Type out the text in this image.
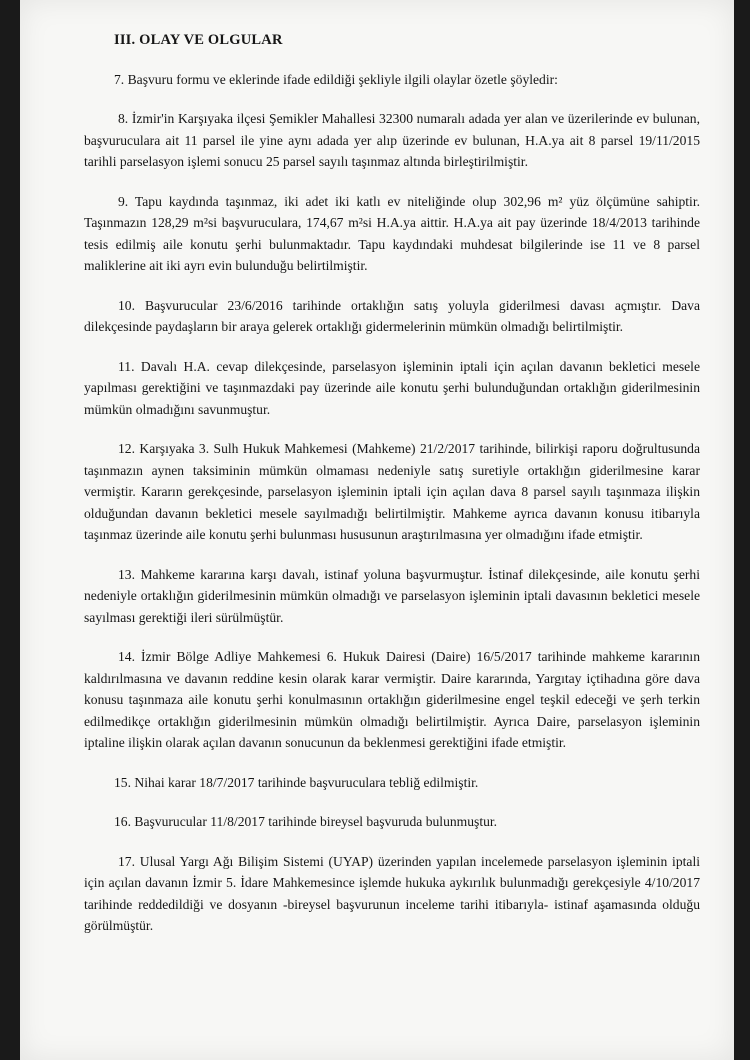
III. OLAY VE OLGULAR

7. Başvuru formu ve eklerinde ifade edildiği şekliyle ilgili olaylar özetle şöyledir:

8. İzmir'in Karşıyaka ilçesi Şemikler Mahallesi 32300 numaralı adada yer alan ve üzerilerinde ev bulunan, başvuruculara ait 11 parsel ile yine aynı adada yer alıp üzerinde ev bulunan, H.A.ya ait 8 parsel 19/11/2015 tarihli parselasyon işlemi sonucu 25 parsel sayılı taşınmaz altında birleştirilmiştir.

9. Tapu kaydında taşınmaz, iki adet iki katlı ev niteliğinde olup 302,96 m² yüz ölçümüne sahiptir. Taşınmazın 128,29 m²si başvuruculara, 174,67 m²si H.A.ya aittir. H.A.ya ait pay üzerinde 18/4/2013 tarihinde tesis edilmiş aile konutu şerhi bulunmaktadır. Tapu kaydındaki muhdesat bilgilerinde ise 11 ve 8 parsel maliklerine ait iki ayrı evin bulunduğu belirtilmiştir.

10. Başvurucular 23/6/2016 tarihinde ortaklığın satış yoluyla giderilmesi davası açmıştır. Dava dilekçesinde paydaşların bir araya gelerek ortaklığı gidermelerinin mümkün olmadığı belirtilmiştir.

11. Davalı H.A. cevap dilekçesinde, parselasyon işleminin iptali için açılan davanın bekletici mesele yapılması gerektiğini ve taşınmazdaki pay üzerinde aile konutu şerhi bulunduğundan ortaklığın giderilmesinin mümkün olmadığını savunmuştur.

12. Karşıyaka 3. Sulh Hukuk Mahkemesi (Mahkeme) 21/2/2017 tarihinde, bilirkişi raporu doğrultusunda taşınmazın aynen taksiminin mümkün olmaması nedeniyle satış suretiyle ortaklığın giderilmesine karar vermiştir. Kararın gerekçesinde, parselasyon işleminin iptali için açılan dava 8 parsel sayılı taşınmaza ilişkin olduğundan davanın bekletici mesele sayılmadığı belirtilmiştir. Mahkeme ayrıca davanın konusu itibarıyla taşınmaz üzerinde aile konutu şerhi bulunması hususunun araştırılmasına yer olmadığını ifade etmiştir.

13. Mahkeme kararına karşı davalı, istinaf yoluna başvurmuştur. İstinaf dilekçesinde, aile konutu şerhi nedeniyle ortaklığın giderilmesinin mümkün olmadığı ve parselasyon işleminin iptali davasının bekletici mesele sayılması gerektiği ileri sürülmüştür.

14. İzmir Bölge Adliye Mahkemesi 6. Hukuk Dairesi (Daire) 16/5/2017 tarihinde mahkeme kararının kaldırılmasına ve davanın reddine kesin olarak karar vermiştir. Daire kararında, Yargıtay içtihadına göre dava konusu taşınmaza aile konutu şerhi konulmasının ortaklığın giderilmesine engel teşkil edeceği ve şerh terkin edilmedikçe ortaklığın giderilmesinin mümkün olmadığı belirtilmiştir. Ayrıca Daire, parselasyon işleminin iptaline ilişkin olarak açılan davanın sonucunun da beklenmesi gerektiğini ifade etmiştir.

15. Nihai karar 18/7/2017 tarihinde başvuruculara tebliğ edilmiştir.

16. Başvurucular 11/8/2017 tarihinde bireysel başvuruda bulunmuştur.

17. Ulusal Yargı Ağı Bilişim Sistemi (UYAP) üzerinden yapılan incelemede parselasyon işleminin iptali için açılan davanın İzmir 5. İdare Mahkemesince işlemde hukuka aykırılık bulunmadığı gerekçesiyle 4/10/2017 tarihinde reddedildiği ve dosyanın -bireysel başvurunun inceleme tarihi itibarıyla- istinaf aşamasında olduğu görülmüştür.
